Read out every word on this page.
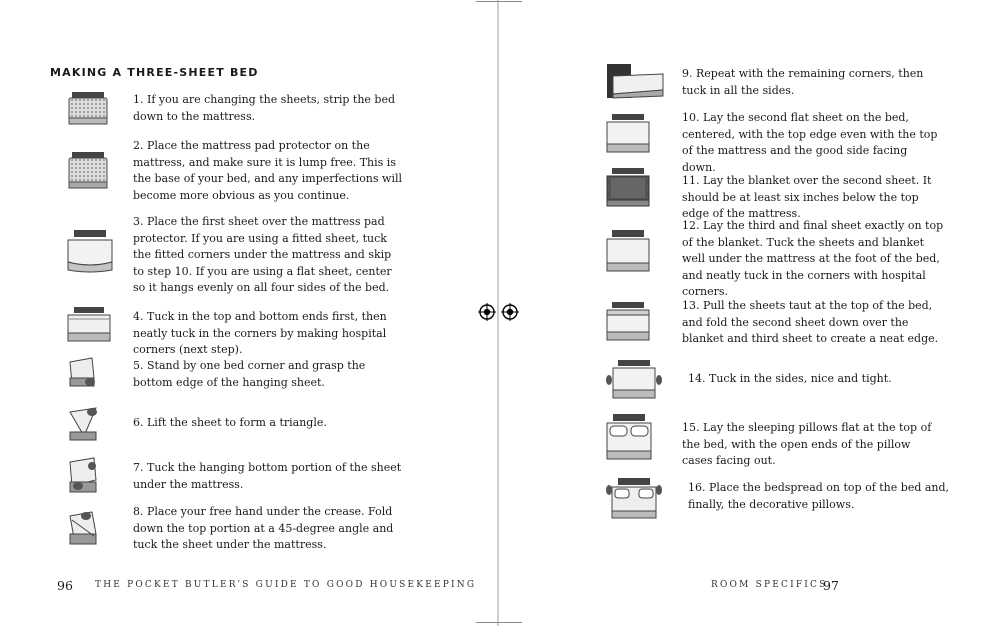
MAKING A THREE-SHEET BED
1. If you are changing the sheets, strip the bed down to the mattress.
2. Place the mattress pad protector on the mattress, and make sure it is lump free. This is the base of your bed, and any imperfections will become more obvious as you continue.
3. Place the first sheet over the mattress pad protector. If you are using a fitted sheet, tuck the fitted corners under the mattress and skip to step 10. If you are using a flat sheet, center so it hangs evenly on all four sides of the bed.
4. Tuck in the top and bottom ends first, then neatly tuck in the corners by making hospital corners (next step).
5. Stand by one bed corner and grasp the bottom edge of the hanging sheet.
6. Lift the sheet to form a triangle.
7. Tuck the hanging bottom portion of the sheet under the mattress.
8. Place your free hand under the crease. Fold down the top portion at a 45-degree angle and tuck the sheet under the mattress.
96 THE POCKET BUTLER’S GUIDE TO GOOD HOUSEKEEPING
9. Repeat with the remaining corners, then tuck in all the sides.
10. Lay the second flat sheet on the bed, centered, with the top edge even with the top of the mattress and the good side facing down.
11. Lay the blanket over the second sheet. It should be at least six inches below the top edge of the mattress.
12. Lay the third and final sheet exactly on top of the blanket. Tuck the sheets and blanket well under the mattress at the foot of the bed, and neatly tuck in the corners with hospital corners.
13. Pull the sheets taut at the top of the bed, and fold the second sheet down over the blanket and third sheet to create a neat edge.
14. Tuck in the sides, nice and tight.
15. Lay the sleeping pillows flat at the top of the bed, with the open ends of the pillow cases facing out.
16. Place the bedspread on top of the bed and, finally, the decorative pillows.
ROOM SPECIFICS
97
